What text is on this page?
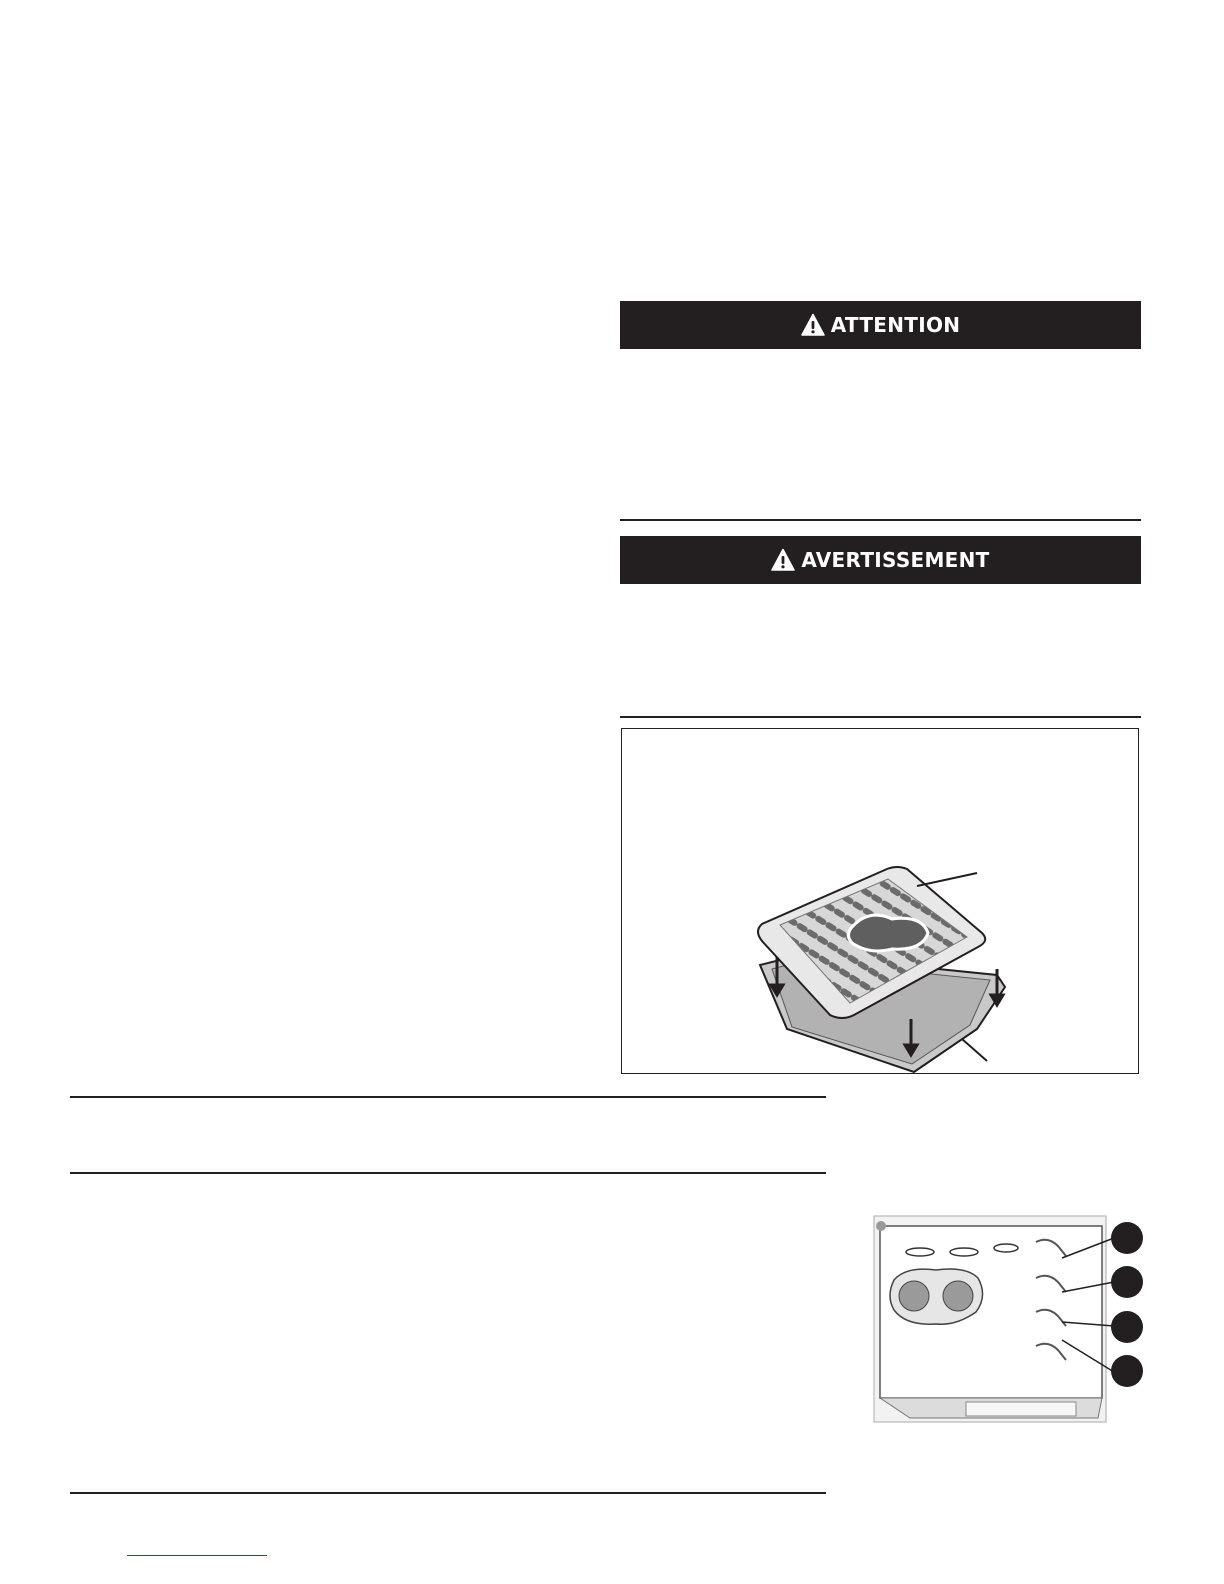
ATTENTION
AVERTISSEMENT
